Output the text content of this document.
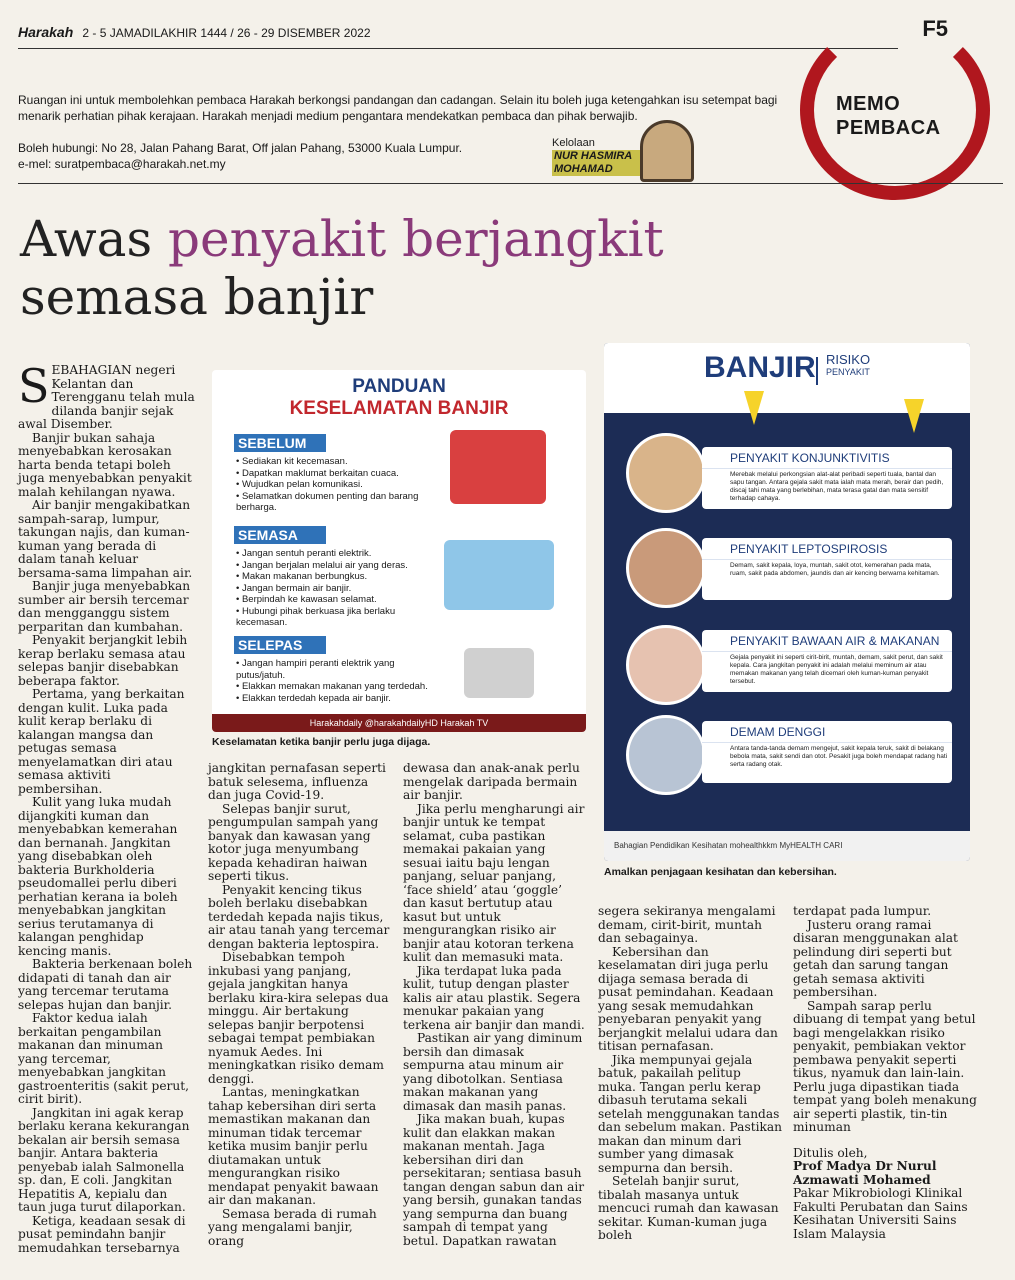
Harakah 2 - 5 JAMADILAKHIR 1444 / 26 - 29 DISEMBER 2022	F5
MEMO
PEMBACA
Ruangan ini untuk membolehkan pembaca Harakah berkongsi pandangan dan cadangan. Selain itu boleh juga ketengahkan isu setempat bagi menarik perhatian pihak kerajaan. Harakah menjadi medium pengantara mendekatkan pembaca dan pihak berwajib.
Boleh hubungi: No 28, Jalan Pahang Barat, Off jalan Pahang, 53000 Kuala Lumpur.
e-mel: suratpembaca@harakah.net.my
Kelolaan
NUR HASMIRA
MOHAMAD
Awas penyakit berjangkit
semasa banjir

SEBAHAGIAN negeri Kelantan dan Terengganu telah mula dilanda banjir sejak awal Disember.

Banjir bukan sahaja menyebabkan kerosakan harta benda tetapi boleh juga menyebabkan penyakit malah kehilangan nyawa.

Air banjir mengakibatkan sampah-sarap, lumpur, takungan najis, dan kuman-kuman yang berada di dalam tanah keluar bersama-sama limpahan air.

Banjir juga menyebabkan sumber air bersih tercemar dan mengganggu sistem perparitan dan kumbahan.

Penyakit berjangkit lebih kerap berlaku semasa atau selepas banjir disebabkan beberapa faktor.

Pertama, yang berkaitan dengan kulit. Luka pada kulit kerap berlaku di kalangan mangsa dan petugas semasa menyelamatkan diri atau semasa aktiviti pembersihan.

Kulit yang luka mudah dijangkiti kuman dan menyebabkan kemerahan dan bernanah. Jangkitan yang disebabkan oleh bakteria Burkholderia pseudomallei perlu diberi perhatian kerana ia boleh menyebabkan jangkitan serius terutamanya di kalangan penghidap kencing manis.

Bakteria berkenaan boleh didapati di tanah dan air yang tercemar terutama selepas hujan dan banjir.

Faktor kedua ialah berkaitan pengambilan makanan dan minuman yang tercemar, menyebabkan jangkitan gastroenteritis (sakit perut, cirit birit).

Jangkitan ini agak kerap berlaku kerana kekurangan bekalan air bersih semasa banjir. Antara bakteria penyebab ialah Salmonella sp. dan, E coli. Jangkitan Hepatitis A, kepialu dan taun juga turut dilaporkan.

Ketiga, keadaan sesak di pusat pemindahn banjir memudahkan tersebarnya

jangkitan pernafasan seperti batuk selesema, influenza dan juga Covid-19.

Selepas banjir surut, pengumpulan sampah yang banyak dan kawasan yang kotor juga menyumbang kepada kehadiran haiwan seperti tikus.

Penyakit kencing tikus boleh berlaku disebabkan terdedah kepada najis tikus, air atau tanah yang tercemar dengan bakteria leptospira.

Disebabkan tempoh inkubasi yang panjang, gejala jangkitan hanya berlaku kira-kira selepas dua minggu. Air bertakung selepas banjir berpotensi sebagai tempat pembiakan nyamuk Aedes. Ini meningkatkan risiko demam denggi.

Lantas, meningkatkan tahap kebersihan diri serta memastikan makanan dan minuman tidak tercemar ketika musim banjir perlu diutamakan untuk mengurangkan risiko mendapat penyakit bawaan air dan makanan.

Semasa berada di rumah yang mengalami banjir, orang

dewasa dan anak-anak perlu mengelak daripada bermain air banjir.

Jika perlu mengharungi air banjir untuk ke tempat selamat, cuba pastikan memakai pakaian yang sesuai iaitu baju lengan panjang, seluar panjang, ‘face shield’ atau ‘goggle’ dan kasut bertutup atau kasut but untuk mengurangkan risiko air banjir atau kotoran terkena kulit dan memasuki mata.

Jika terdapat luka pada kulit, tutup dengan plaster kalis air atau plastik. Segera menukar pakaian yang terkena air banjir dan mandi.

Pastikan air yang diminum bersih dan dimasak sempurna atau minum air yang dibotolkan. Sentiasa makan makanan yang dimasak dan masih panas.

Jika makan buah, kupas kulit dan elakkan makan makanan mentah. Jaga kebersihan diri dan persekitaran; sentiasa basuh tangan dengan sabun dan air yang bersih, gunakan tandas yang sempurna dan buang sampah di tempat yang betul. Dapatkan rawatan

segera sekiranya mengalami demam, cirit-birit, muntah dan sebagainya.

Kebersihan dan keselamatan diri juga perlu dijaga semasa berada di pusat pemindahan. Keadaan yang sesak memudahkan penyebaran penyakit yang berjangkit melalui udara dan titisan pernafasan.

Jika mempunyai gejala batuk, pakailah pelitup muka. Tangan perlu kerap dibasuh terutama sekali setelah menggunakan tandas dan sebelum makan. Pastikan makan dan minum dari sumber yang dimasak sempurna dan bersih.

Setelah banjir surut, tibalah masanya untuk mencuci rumah dan kawasan sekitar. Kuman-kuman juga boleh

terdapat pada lumpur.

Justeru orang ramai disaran menggunakan alat pelindung diri seperti but getah dan sarung tangan getah semasa aktiviti pembersihan.

Sampah sarap perlu dibuang di tempat yang betul bagi mengelakkan risiko penyakit, pembiakan vektor pembawa penyakit seperti tikus, nyamuk dan lain-lain. Perlu juga dipastikan tiada tempat yang boleh menakung air seperti plastik, tin-tin minuman

Ditulis oleh,
Prof Madya Dr Nurul
Azmawati Mohamed
Pakar Mikrobiologi Klinikal Fakulti Perubatan dan Sains Kesihatan Universiti Sains Islam Malaysia
PANDUAN
KESELAMATAN BANJIR
SEBELUM
• Sediakan kit kecemasan.
• Dapatkan maklumat berkaitan cuaca.
• Wujudkan pelan komunikasi.
• Selamatkan dokumen penting dan barang berharga.
SEMASA
• Jangan sentuh peranti elektrik.
• Jangan berjalan melalui air yang deras.
• Makan makanan berbungkus.
• Jangan bermain air banjir.
• Berpindah ke kawasan selamat.
• Hubungi pihak berkuasa jika berlaku kecemasan.
SELEPAS
• Jangan hampiri peranti elektrik yang putus/jatuh.
• Elakkan memakan makanan yang terdedah.
• Elakkan terdedah kepada air banjir.
Harakahdaily @harakahdailyHD Harakah TV
Keselamatan ketika banjir perlu juga dijaga.
BANJIR RISIKO
PENYAKIT
PENYAKIT KONJUNKTIVITIS
Merebak melalui perkongsian alat-alat peribadi seperti tuala, bantal dan sapu tangan. Antara gejala sakit mata ialah mata merah, berair dan pedih, discaj tahi mata yang berlebihan, mata terasa gatal dan mata sensitif terhadap cahaya.
PENYAKIT LEPTOSPIROSIS
Demam, sakit kepala, loya, muntah, sakit otot, kemerahan pada mata, ruam, sakit pada abdomen, jaundis dan air kencing berwarna kehitaman.
PENYAKIT BAWAAN AIR & MAKANAN
Gejala penyakit ini seperti cirit-birit, muntah, demam, sakit perut, dan sakit kepala. Cara jangkitan penyakit ini adalah melalui meminum air atau memakan makanan yang telah dicemari oleh kuman-kuman penyakit tersebut.
DEMAM DENGGI
Antara tanda-tanda demam mengejut, sakit kepala teruk, sakit di belakang bebola mata, sakit sendi dan otot. Pesakit juga boleh mendapat radang hati serta radang otak.
Bahagian Pendidikan Kesihatan mohealthkkm MyHEALTH CARI
Amalkan penjagaan kesihatan dan kebersihan.
